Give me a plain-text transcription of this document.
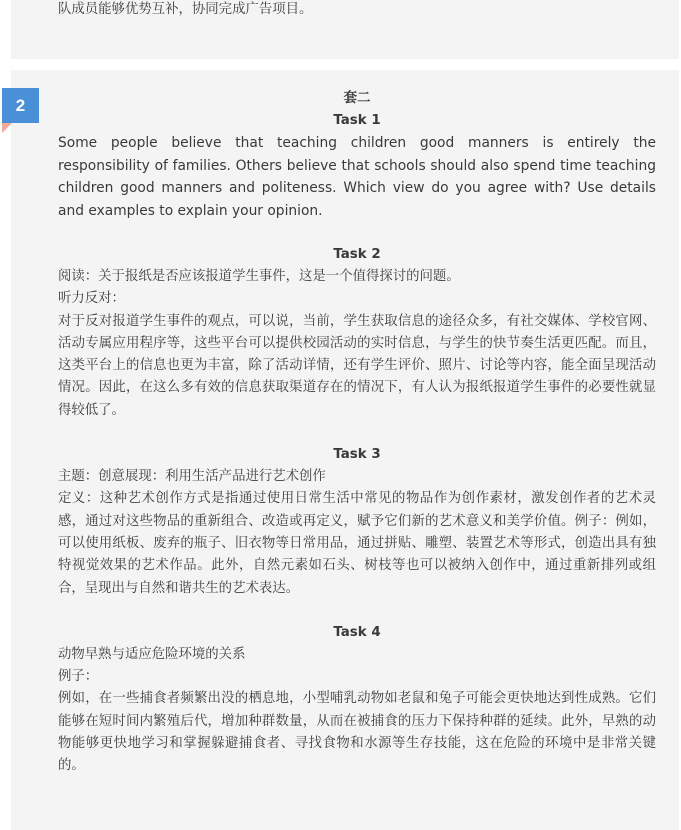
队成员能够优势互补，协同完成广告项目。

2	套二

Task 1

Some people believe that teaching children good manners is entirely the responsibility of families. Others believe that schools should also spend time teaching children good manners and politeness. Which view do you agree with? Use details and examples to explain your opinion.

Task 2

阅读：关于报纸是否应该报道学生事件，这是一个值得探讨的问题。

听力反对：

对于反对报道学生事件的观点，可以说，当前，学生获取信息的途径众多，有社交媒体、学校官网、活动专属应用程序等，这些平台可以提供校园活动的实时信息，与学生的快节奏生活更匹配。而且，这类平台上的信息也更为丰富，除了活动详情，还有学生评价、照片、讨论等内容，能全面呈现活动情况。因此，在这么多有效的信息获取渠道存在的情况下，有人认为报纸报道学生事件的必要性就显得较低了。

Task 3

主题：创意展现：利用生活产品进行艺术创作

定义：这种艺术创作方式是指通过使用日常生活中常见的物品作为创作素材，激发创作者的艺术灵感，通过对这些物品的重新组合、改造或再定义，赋予它们新的艺术意义和美学价值。例子：例如，可以使用纸板、废弃的瓶子、旧衣物等日常用品，通过拼贴、雕塑、装置艺术等形式，创造出具有独特视觉效果的艺术作品。此外，自然元素如石头、树枝等也可以被纳入创作中，通过重新排列或组合，呈现出与自然和谐共生的艺术表达。

Task 4

动物早熟与适应危险环境的关系

例子：

例如，在一些捕食者频繁出没的栖息地，小型哺乳动物如老鼠和兔子可能会更快地达到性成熟。它们能够在短时间内繁殖后代，增加种群数量，从而在被捕食的压力下保持种群的延续。此外，早熟的动物能够更快地学习和掌握躲避捕食者、寻找食物和水源等生存技能，这在危险的环境中是非常关键的。
